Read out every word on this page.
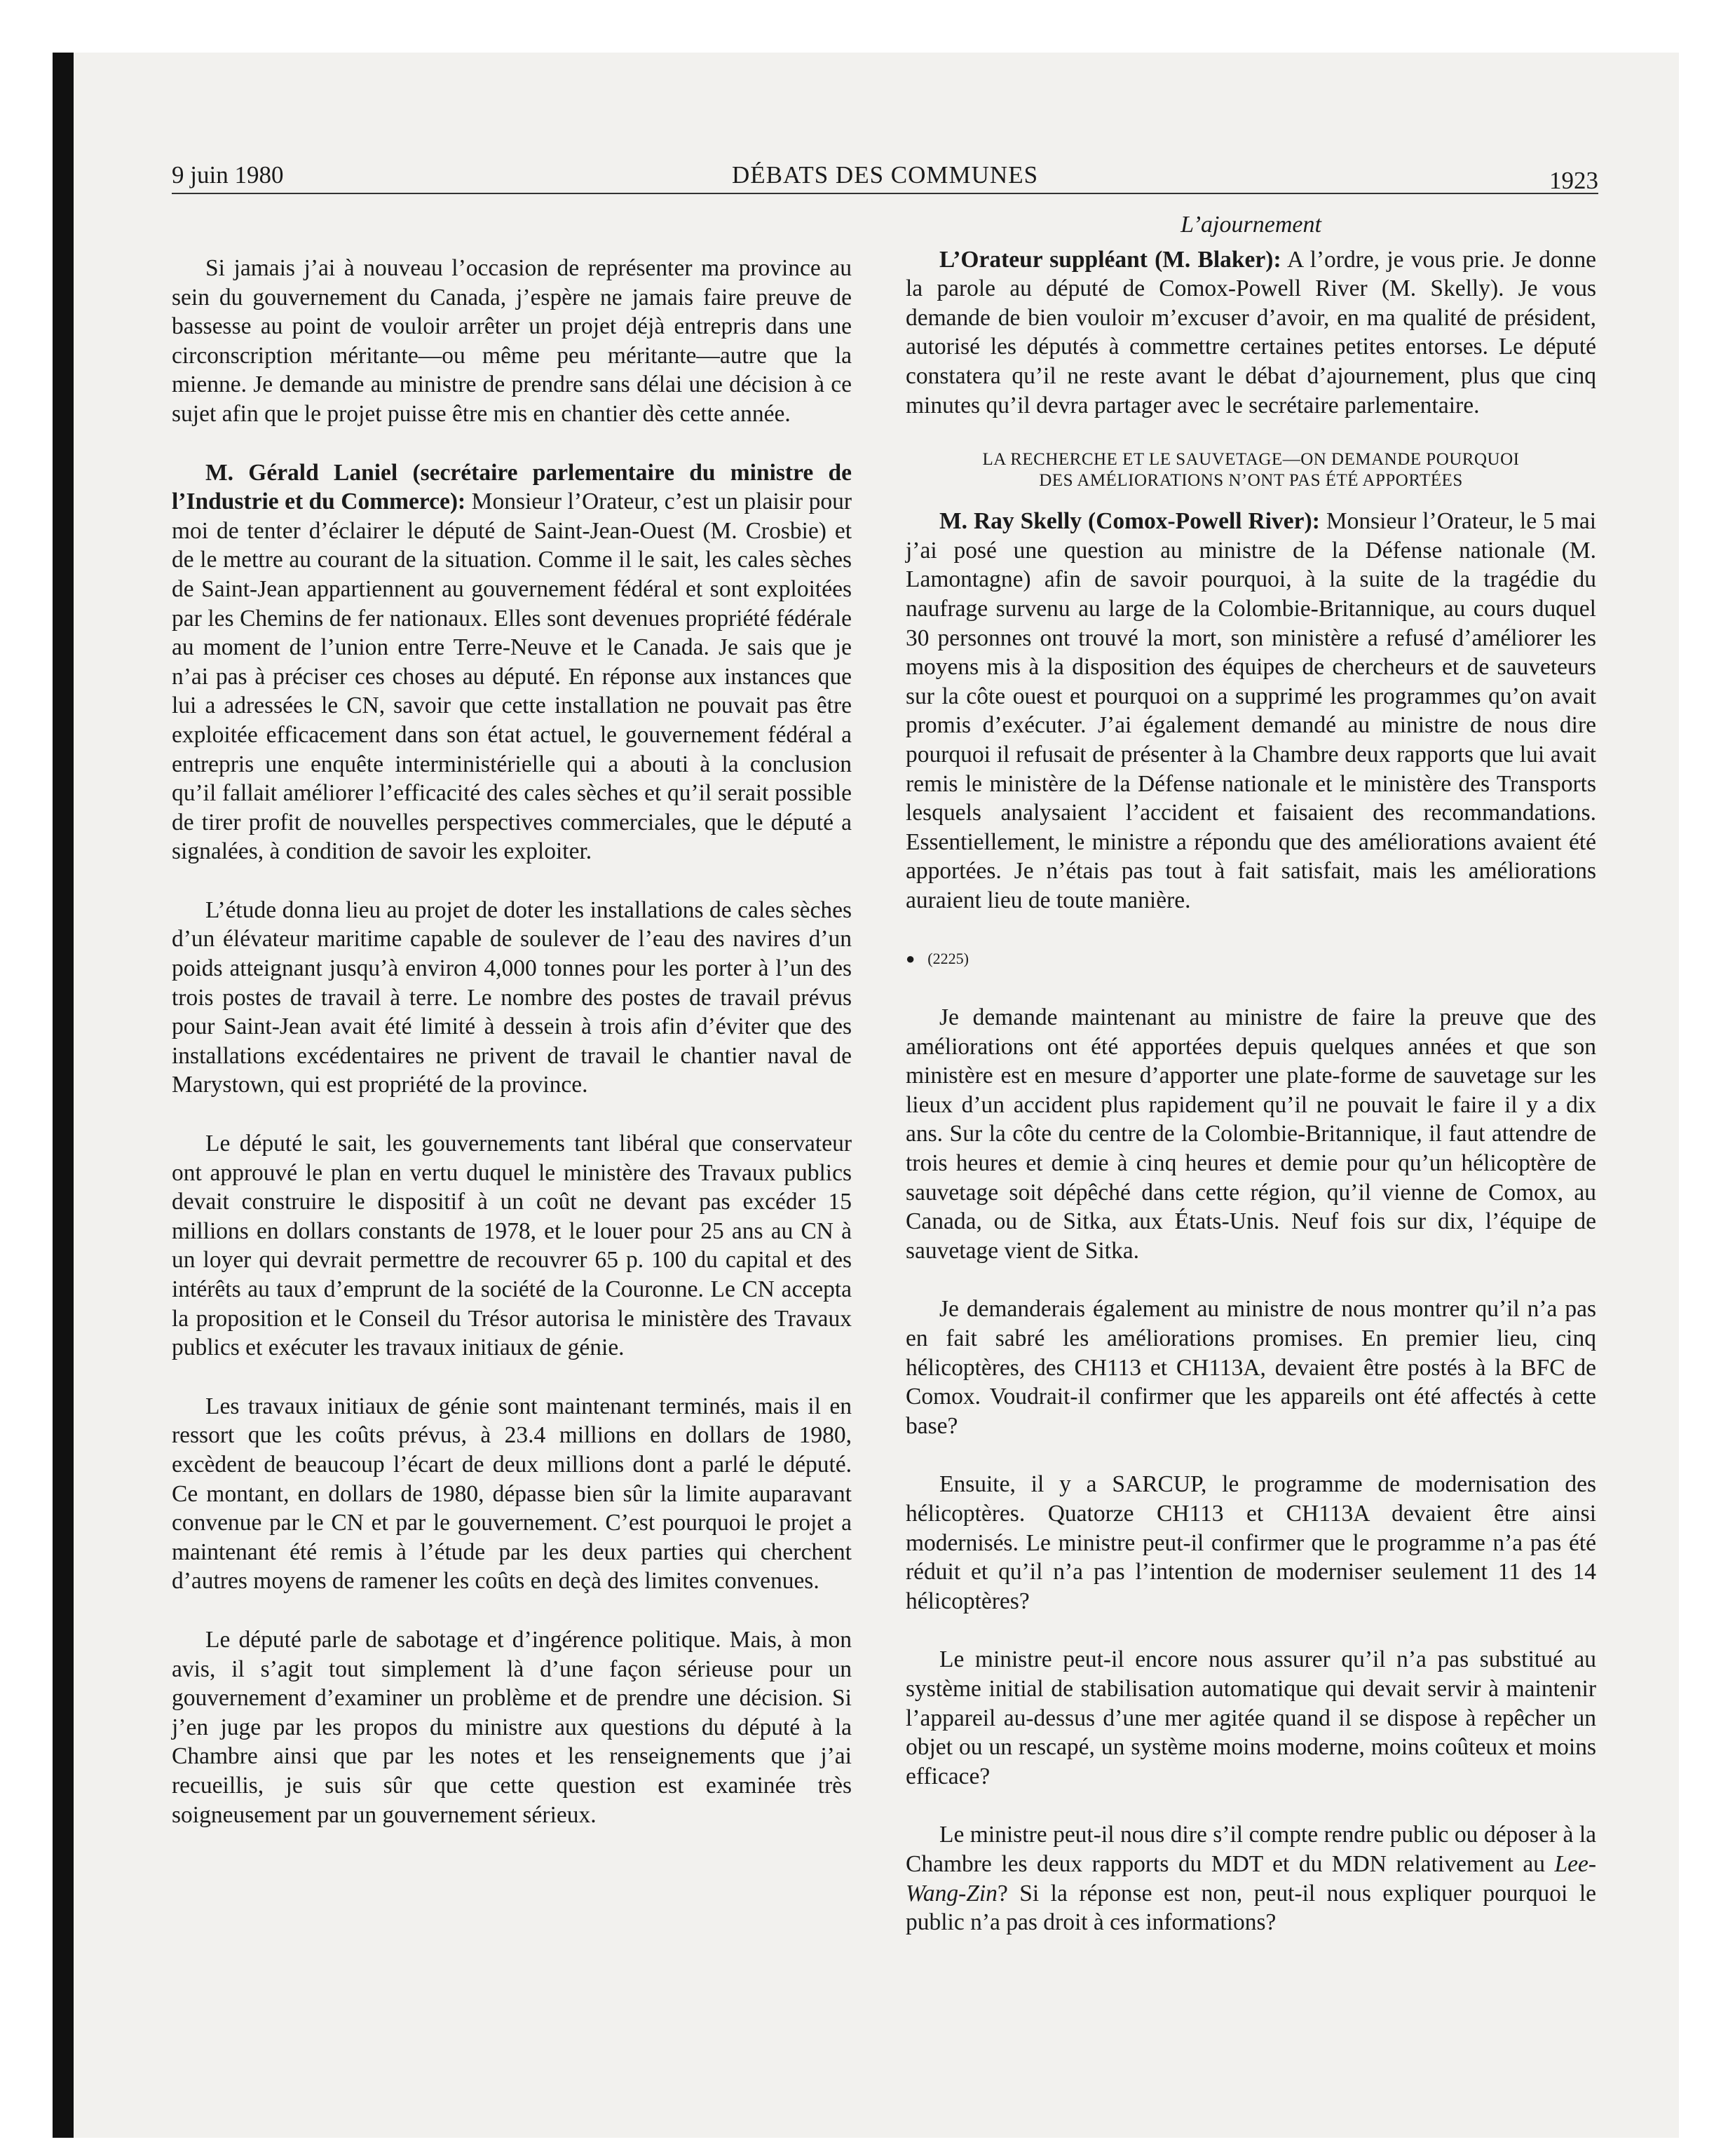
9 juin 1980	DÉBATS DES COMMUNES	1923

Si jamais j’ai à nouveau l’occasion de représenter ma province au sein du gouvernement du Canada, j’espère ne jamais faire preuve de bassesse au point de vouloir arrêter un projet déjà entrepris dans une circonscription méritante—ou même peu méritante—autre que la mienne. Je demande au ministre de prendre sans délai une décision à ce sujet afin que le projet puisse être mis en chantier dès cette année.

M. Gérald Laniel (secrétaire parlementaire du ministre de l’Industrie et du Commerce): Monsieur l’Orateur, c’est un plaisir pour moi de tenter d’éclairer le député de Saint-Jean-Ouest (M. Crosbie) et de le mettre au courant de la situation. Comme il le sait, les cales sèches de Saint-Jean appartiennent au gouvernement fédéral et sont exploitées par les Chemins de fer nationaux. Elles sont devenues propriété fédérale au moment de l’union entre Terre-Neuve et le Canada. Je sais que je n’ai pas à préciser ces choses au député. En réponse aux instances que lui a adressées le CN, savoir que cette installation ne pouvait pas être exploitée efficacement dans son état actuel, le gouvernement fédéral a entrepris une enquête interministérielle qui a abouti à la conclusion qu’il fallait améliorer l’efficacité des cales sèches et qu’il serait possible de tirer profit de nouvelles perspectives commerciales, que le député a signalées, à condition de savoir les exploiter.

L’étude donna lieu au projet de doter les installations de cales sèches d’un élévateur maritime capable de soulever de l’eau des navires d’un poids atteignant jusqu’à environ 4,000 tonnes pour les porter à l’un des trois postes de travail à terre. Le nombre des postes de travail prévus pour Saint-Jean avait été limité à dessein à trois afin d’éviter que des installations excédentaires ne privent de travail le chantier naval de Marystown, qui est propriété de la province.

Le député le sait, les gouvernements tant libéral que conservateur ont approuvé le plan en vertu duquel le ministère des Travaux publics devait construire le dispositif à un coût ne devant pas excéder 15 millions en dollars constants de 1978, et le louer pour 25 ans au CN à un loyer qui devrait permettre de recouvrer 65 p. 100 du capital et des intérêts au taux d’emprunt de la société de la Couronne. Le CN accepta la proposition et le Conseil du Trésor autorisa le ministère des Travaux publics et exécuter les travaux initiaux de génie.

Les travaux initiaux de génie sont maintenant terminés, mais il en ressort que les coûts prévus, à 23.4 millions en dollars de 1980, excèdent de beaucoup l’écart de deux millions dont a parlé le député. Ce montant, en dollars de 1980, dépasse bien sûr la limite auparavant convenue par le CN et par le gouvernement. C’est pourquoi le projet a maintenant été remis à l’étude par les deux parties qui cherchent d’autres moyens de ramener les coûts en deçà des limites convenues.

Le député parle de sabotage et d’ingérence politique. Mais, à mon avis, il s’agit tout simplement là d’une façon sérieuse pour un gouvernement d’examiner un problème et de prendre une décision. Si j’en juge par les propos du ministre aux questions du député à la Chambre ainsi que par les notes et les renseignements que j’ai recueillis, je suis sûr que cette question est examinée très soigneusement par un gouvernement sérieux.

L’ajournement

L’Orateur suppléant (M. Blaker): A l’ordre, je vous prie. Je donne la parole au député de Comox-Powell River (M. Skelly). Je vous demande de bien vouloir m’excuser d’avoir, en ma qualité de président, autorisé les députés à commettre certaines petites entorses. Le député constatera qu’il ne reste avant le débat d’ajournement, plus que cinq minutes qu’il devra partager avec le secrétaire parlementaire.

LA RECHERCHE ET LE SAUVETAGE—ON DEMANDE POURQUOI
DES AMÉLIORATIONS N’ONT PAS ÉTÉ APPORTÉES

M. Ray Skelly (Comox-Powell River): Monsieur l’Orateur, le 5 mai j’ai posé une question au ministre de la Défense nationale (M. Lamontagne) afin de savoir pourquoi, à la suite de la tragédie du naufrage survenu au large de la Colombie-Britannique, au cours duquel 30 personnes ont trouvé la mort, son ministère a refusé d’améliorer les moyens mis à la disposition des équipes de chercheurs et de sauveteurs sur la côte ouest et pourquoi on a supprimé les programmes qu’on avait promis d’exécuter. J’ai également demandé au ministre de nous dire pourquoi il refusait de présenter à la Chambre deux rapports que lui avait remis le ministère de la Défense nationale et le ministère des Transports lesquels analysaient l’accident et faisaient des recommandations. Essentiellement, le ministre a répondu que des améliorations avaient été apportées. Je n’étais pas tout à fait satisfait, mais les améliorations auraient lieu de toute manière.

● (2225)

Je demande maintenant au ministre de faire la preuve que des améliorations ont été apportées depuis quelques années et que son ministère est en mesure d’apporter une plate-forme de sauvetage sur les lieux d’un accident plus rapidement qu’il ne pouvait le faire il y a dix ans. Sur la côte du centre de la Colombie-Britannique, il faut attendre de trois heures et demie à cinq heures et demie pour qu’un hélicoptère de sauvetage soit dépêché dans cette région, qu’il vienne de Comox, au Canada, ou de Sitka, aux États-Unis. Neuf fois sur dix, l’équipe de sauvetage vient de Sitka.

Je demanderais également au ministre de nous montrer qu’il n’a pas en fait sabré les améliorations promises. En premier lieu, cinq hélicoptères, des CH113 et CH113A, devaient être postés à la BFC de Comox. Voudrait-il confirmer que les appareils ont été affectés à cette base?

Ensuite, il y a SARCUP, le programme de modernisation des hélicoptères. Quatorze CH113 et CH113A devaient être ainsi modernisés. Le ministre peut-il confirmer que le programme n’a pas été réduit et qu’il n’a pas l’intention de moderniser seulement 11 des 14 hélicoptères?

Le ministre peut-il encore nous assurer qu’il n’a pas substitué au système initial de stabilisation automatique qui devait servir à maintenir l’appareil au-dessus d’une mer agitée quand il se dispose à repêcher un objet ou un rescapé, un système moins moderne, moins coûteux et moins efficace?

Le ministre peut-il nous dire s’il compte rendre public ou déposer à la Chambre les deux rapports du MDT et du MDN relativement au Lee-Wang-Zin? Si la réponse est non, peut-il nous expliquer pourquoi le public n’a pas droit à ces informations?
